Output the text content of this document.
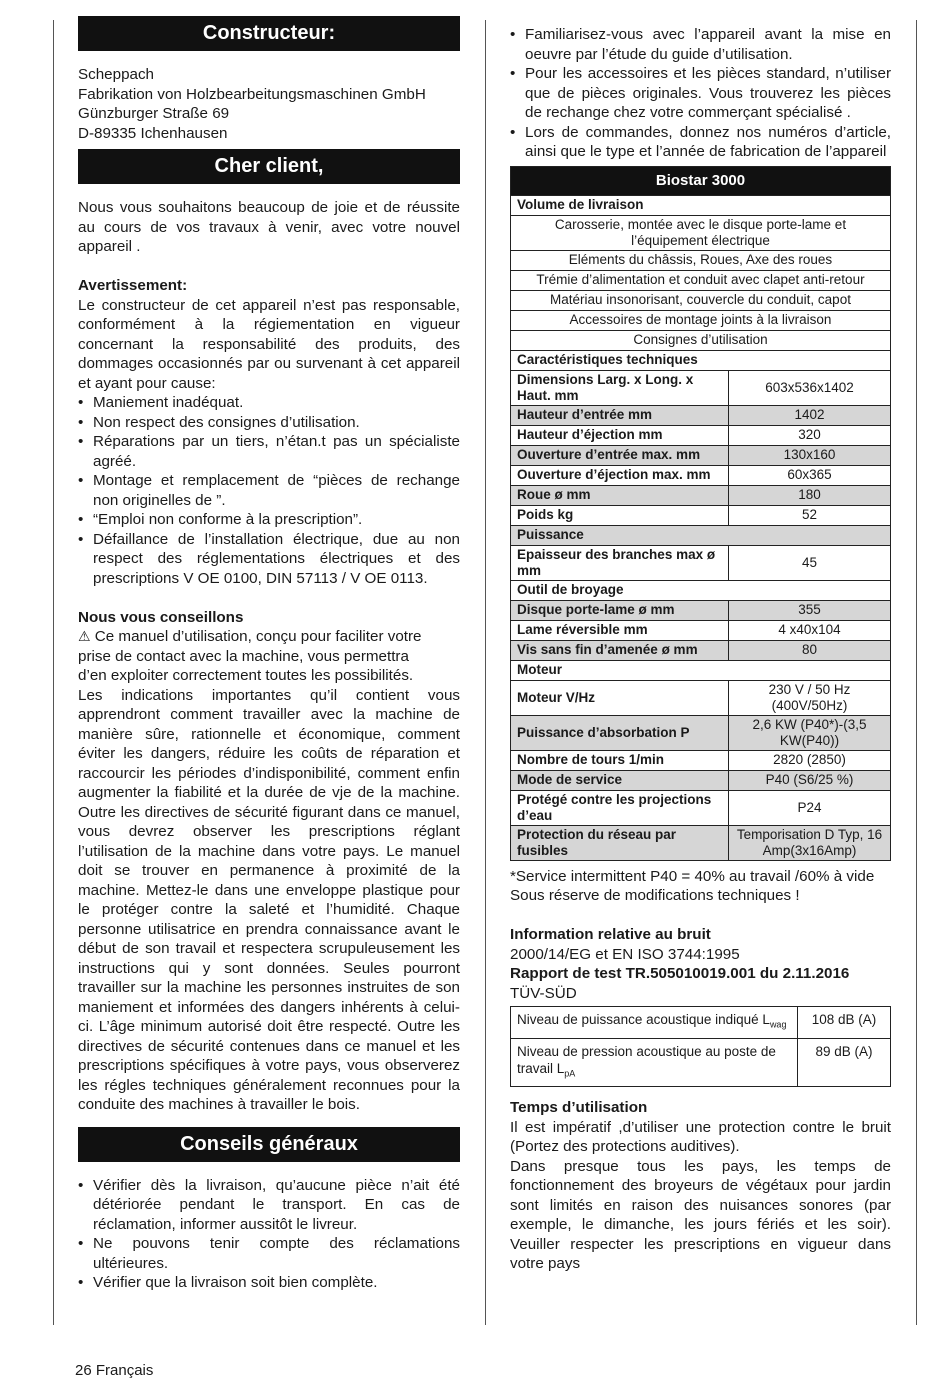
Constructeur:

Scheppach

Fabrikation von Holzbearbeitungsmaschinen GmbH

Günzburger Straße 69

D-89335 Ichenhausen

Cher client,

Nous vous souhaitons beaucoup de joie et de réussite au cours de vos travaux à venir, avec votre nouvel appareil .

Avertissement:

Le constructeur de cet appareil n’est pas responsable, conformément à la régiementation en vigueur concernant la responsabilité des produits, des dommages occasionnés par ou survenant à cet appareil et ayant pour cause:

• Maniement inadéquat.
• Non respect des consignes d’utilisation.
• Réparations par un tiers, n’étan.t pas un spécialiste agréé.
• Montage et remplacement de “pièces de rechange non originelles de ”.
• “Emploi non conforme à la prescription”.
• Défaillance de l’installation électrique, due au non respect des réglementations électriques et des prescriptions V OE 0100, DIN 57113 / V OE 0113.

Nous vous conseillons

⚠ Ce manuel d’utilisation, conçu pour faciliter votre

prise de contact avec la machine, vous permettra

d’en exploiter correctement toutes les possibilités.

Les indications importantes qu’il contient vous apprendront comment travailler avec la machine de manière sûre, rationnelle et économique, comment éviter les dangers, réduire les coûts de réparation et raccourcir les périodes d’indisponibilité, comment enfin augmenter la fiabilité et la durée de vje de la machine. Outre les directives de sécurité figurant dans ce manuel, vous devrez observer les prescriptions réglant l’utilisation de la machine dans votre pays. Le manuel doit se trouver en permanence à proximité de la machine. Mettez-le dans une enveloppe plastique pour le protéger contre la saleté et l’humidité. Chaque personne utilisatrice en prendra connaissance avant le début de son travail et respectera scrupuleusement les instructions qui y sont données. Seules pourront travailler sur la machine les personnes instruites de son maniement et informées des dangers inhérents à celui-ci. L’âge minimum autorisé doit être respecté. Outre les directives de sécurité contenues dans ce manuel et les prescriptions spécifiques à votre pays, vous observerez les régles techniques généralement reconnues pour la conduite des machines à travailler le bois.

Conseils généraux
• Vérifier dès la livraison, qu’aucune pièce n’ait été détériorée pendant le transport. En cas de réclamation, informer aussitôt le livreur.
• Ne pouvons tenir compte des réclamations ultérieures.
• Vérifier que la livraison soit bien complète.
• Familiarisez-vous avec l’appareil avant la mise en oeuvre par l’étude du guide d’utilisation.
• Pour les accessoires et les pièces standard, n’utiliser que de pièces originales. Vous trouverez les pièces de rechange chez votre commerçant spécialisé .
• Lors de commandes, donnez nos numéros d’article, ainsi que le type et l’année de fabrication de l’appareil
Biostar 3000	
Volume de livraison	
Carosserie, montée avec le disque porte-lame et l’équipement électrique	
Eléments du châssis, Roues, Axe des roues	
Trémie d’alimentation et conduit avec clapet anti-retour	
Matériau insonorisant, couvercle du conduit, capot	
Accessoires de montage joints à la livraison	
Consignes d’utilisation	
Caractéristiques techniques	
Dimensions Larg. x Long. x Haut. mm	603x536x1402
Hauteur d’entrée mm	1402
Hauteur d’éjection mm	320
Ouverture d’entrée max. mm	130x160
Ouverture d’éjection max. mm	60x365
Roue ø mm	180
Poids kg	52
Puissance	
Epaisseur des branches max ø mm	45
Outil de broyage	
Disque porte-lame ø mm	355
Lame réversible mm	4 x40x104
Vis sans fin d’amenée ø mm	80
Moteur	
Moteur V/Hz	230 V / 50 Hz (400V/50Hz)
Puissance d’absorbation P	2,6 KW (P40*)-(3,5 KW(P40))
Nombre de tours 1/min	2820 (2850)
Mode de service	P40 (S6/25 %)
Protégé contre les projections d’eau	P24
Protection du réseau par fusibles	Temporisation D Typ, 16 Amp(3x16Amp)

*Service intermittent P40 = 40% au travail /60% à vide

Sous réserve de modifications techniques !

Information relative au bruit

2000/14/EG et EN ISO 3744:1995

Rapport de test TR.505010019.001 du 2.11.2016

TÜV-SÜD

Niveau de puissance acoustique indiqué $L_{wag}$	108 dB (A)
Niveau de pression acoustique au poste de travail $L_{pA}$	89 dB (A)

Temps d’utilisation

Il est impératif ,d’utiliser une protection contre le bruit (Portez des protections auditives).

Dans presque tous les pays, les temps de fonctionnement des broyeurs de végétaux pour jardin sont limités en raison des nuisances sonores (par exemple, le dimanche, les jours fériés et les soir). Veuiller respecter les prescriptions en vigueur dans votre pays

26 Français
